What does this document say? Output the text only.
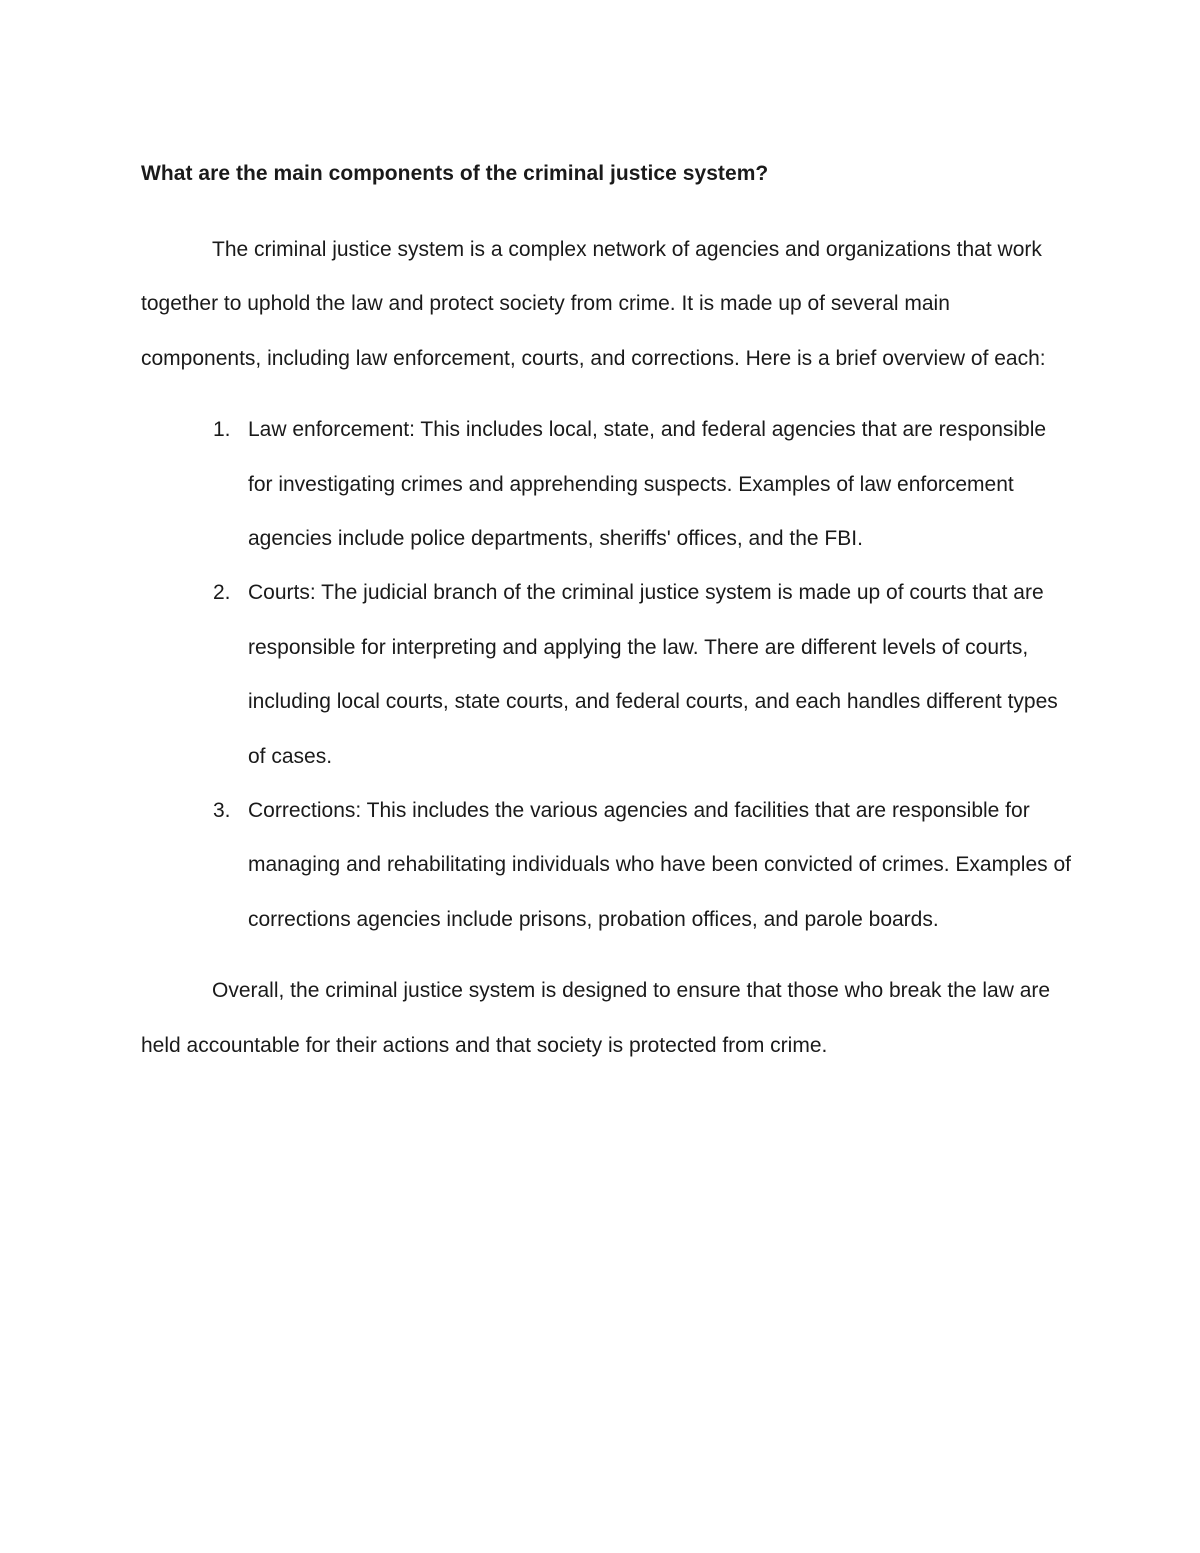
What are the main components of the criminal justice system?

The criminal justice system is a complex network of agencies and organizations that work together to uphold the law and protect society from crime. It is made up of several main components, including law enforcement, courts, and corrections. Here is a brief overview of each:

1. Law enforcement: This includes local, state, and federal agencies that are responsible for investigating crimes and apprehending suspects. Examples of law enforcement agencies include police departments, sheriffs' offices, and the FBI.
2. Courts: The judicial branch of the criminal justice system is made up of courts that are responsible for interpreting and applying the law. There are different levels of courts, including local courts, state courts, and federal courts, and each handles different types of cases.
3. Corrections: This includes the various agencies and facilities that are responsible for managing and rehabilitating individuals who have been convicted of crimes. Examples of corrections agencies include prisons, probation offices, and parole boards.

Overall, the criminal justice system is designed to ensure that those who break the law are held accountable for their actions and that society is protected from crime.
